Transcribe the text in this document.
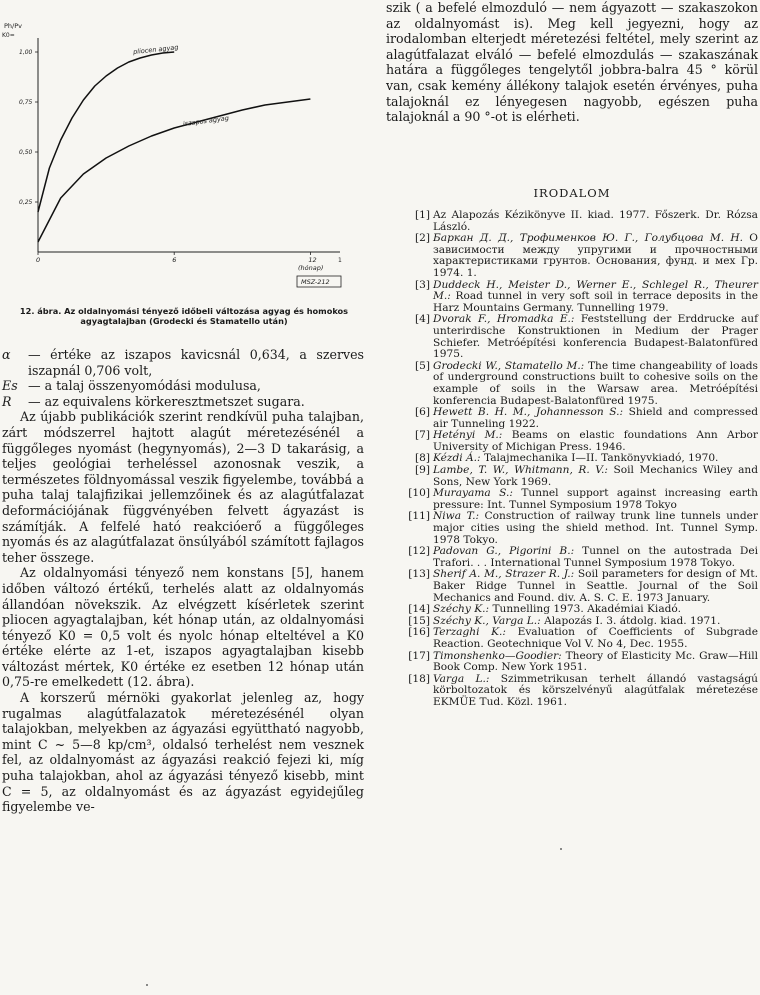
Ph/Pv
K0=
(hónap)
1
MSZ-212
0	6	12
1,00
0,75
0,50
0,25
pliocen agyag
iszapos agyag

12. ábra. Az oldalnyomási tényező időbeli változása agyag és homokos agyagtalajban (Grodecki és Stamatello után)

α	— értéke az iszapos kavicsnál 0,634, a szerves iszapnál 0,706 volt,
Es — a talaj összenyomódási modulusa,
R	— az equivalens körkeresztmetszet sugara.

Az újabb publikációk szerint rendkívül puha talajban, zárt módszerrel hajtott alagút méretezésénél a függőleges nyomást (hegynyomás), 2—3 D takarásig, a teljes geológiai terheléssel azonosnak veszik, a természetes földnyomással veszik figyelembe, továbbá a puha talaj talajfizikai jellemzőinek és az alagútfalazat deformációjának függvényében felvett ágyazást is számítják. A felfelé ható reakcióerő a függőleges nyomás és az alagútfalazat önsúlyából számított fajlagos teher összege.

Az oldalnyomási tényező nem konstans [5], hanem időben változó értékű, terhelés alatt az oldalnyomás állandóan növekszik. Az elvégzett kísérletek szerint pliocen agyagtalajban, két hónap után, az oldalnyomási tényező K0 = 0,5 volt és nyolc hónap elteltével a K0 értéke elérte az 1-et, iszapos agyagtalajban kisebb változást mértek, K0 értéke ez esetben 12 hónap után 0,75-re emelkedett (12. ábra).

A korszerű mérnöki gyakorlat jelenleg az, hogy rugalmas alagútfalazatok méretezésénél olyan talajokban, melyekben az ágyazási együttható nagyobb, mint C ~ 5—8 kp/cm³, oldalsó terhelést nem vesznek fel, az oldalnyomást az ágyazási reakció fejezi ki, míg puha talajokban, ahol az ágyazási tényező kisebb, mint C = 5, az oldalnyomást és az ágyazást egyidejűleg figyelembe ve-

szik ( a befelé elmozduló — nem ágyazott — szakaszokon az oldalnyomást is). Meg kell jegyezni, hogy az irodalomban elterjedt méretezési feltétel, mely szerint az alagútfalazat elváló — befelé elmozdulás — szakaszának határa a függőleges tengelytől jobbra-balra 45 ° körül van, csak kemény állékony talajok esetén érvényes, puha talajoknál ez lényegesen nagyobb, egészen puha talajoknál a 90 °-ot is elérheti.

IRODALOM

[1] Az Alapozás Kézikönyve II. kiad. 1977. Főszerk. Dr. Rózsa László.
[2] Баркан Д. Д., Трофименков Ю. Г., Голубцова М. Н. О зависимости между упругими и прочностными характеристиками грунтов. Основания, фунд. и мех Гр. 1974. 1.
[3] Duddeck H., Meister D., Werner E., Schlegel R., Theurer M.: Road tunnel in very soft soil in terrace deposits in the Harz Mountains Germany. Tunnelling 1979.
[4] Dvorak F., Hromadka E.: Feststellung der Erddrucke auf unterirdische Konstruktionen in Medium der Prager Schiefer. Metróépítési konferencia Budapest-Balatonfüred 1975.
[5] Grodecki W., Stamatello M.: The time changeability of loads of underground constructions built to cohesive soils on the example of soils in the Warsaw area. Metróépítési konferencia Budapest-Balatonfüred 1975.
[6] Hewett B. H. M., Johannesson S.: Shield and compressed air Tunneling 1922.
[7] Hetényi M.: Beams on elastic foundations Ann Arbor University of Michigan Press. 1946.
[8] Kézdi Á.: Talajmechanika I—II. Tankönyvkiadó, 1970.
[9] Lambe, T. W., Whitmann, R. V.: Soil Mechanics Wiley and Sons, New York 1969.
[10] Murayama S.: Tunnel support against increasing earth pressure: Int. Tunnel Symposium 1978 Tokyo
[11] Niwa T.: Construction of railway trunk line tunnels under major cities using the shield method. Int. Tunnel Symp. 1978 Tokyo.
[12] Padovan G., Pigorini B.: Tunnel on the autostrada Dei Trafori. . . International Tunnel Symposium 1978 Tokyo.
[13] Sherif A. M., Strazer R. J.: Soil parameters for design of Mt. Baker Ridge Tunnel in Seattle. Journal of the Soil Mechanics and Found. div. A. S. C. E. 1973 January.
[14] Széchy K.: Tunnelling 1973. Akadémiai Kiadó.
[15] Széchy K., Varga L.: Alapozás I. 3. átdolg. kiad. 1971.
[16] Terzaghi K.: Evaluation of Coefficients of Subgrade Reaction. Geotechnique Vol V. No 4, Dec. 1955.
[17] Timonshenko—Goodier: Theory of Elasticity Mc. Graw—Hill Book Comp. New York 1951.
[18] Varga L.: Szimmetrikusan terhelt állandó vastagságú körboltozatok és körszelvényű alagútfalak méretezése EKMÜE Tud. Közl. 1961.
